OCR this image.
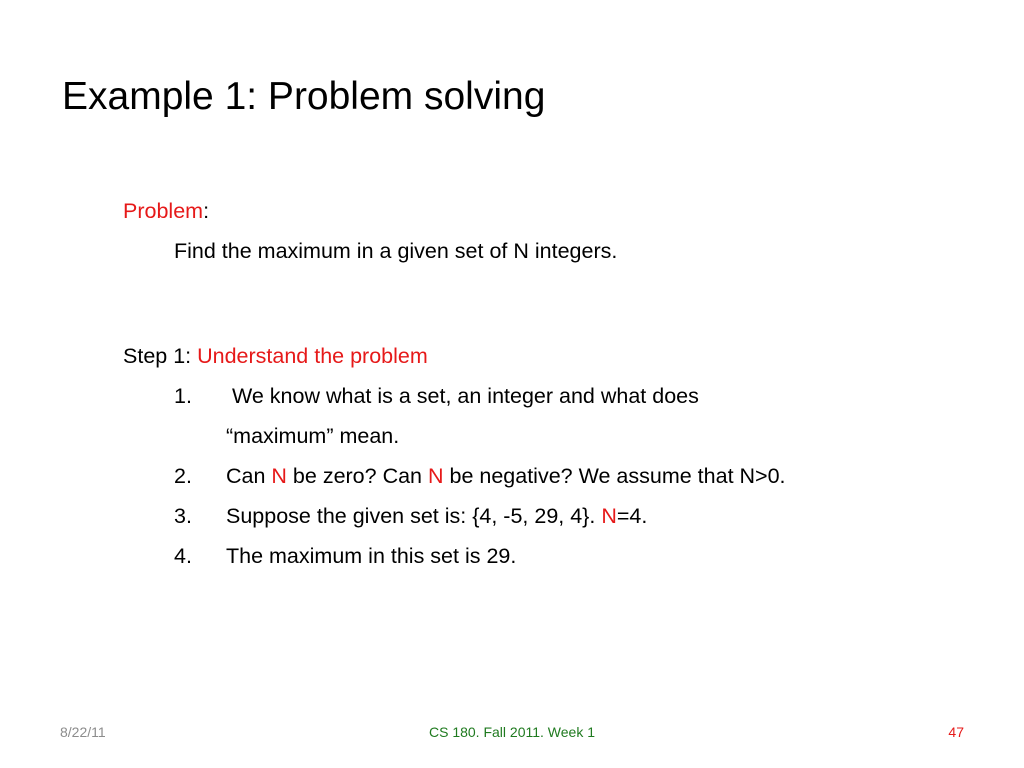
Example 1: Problem solving
Problem:
Find the maximum in a given set of N integers.
Step 1: Understand the problem
1. We know what is a set, an integer and what does
“maximum” mean.
2. Can N be zero? Can N be negative? We assume that N>0.
3. Suppose the given set is: {4, -5, 29, 4}. N=4.
4. The maximum in this set is 29.
8/22/11	CS 180. Fall 2011. Week 1	47
